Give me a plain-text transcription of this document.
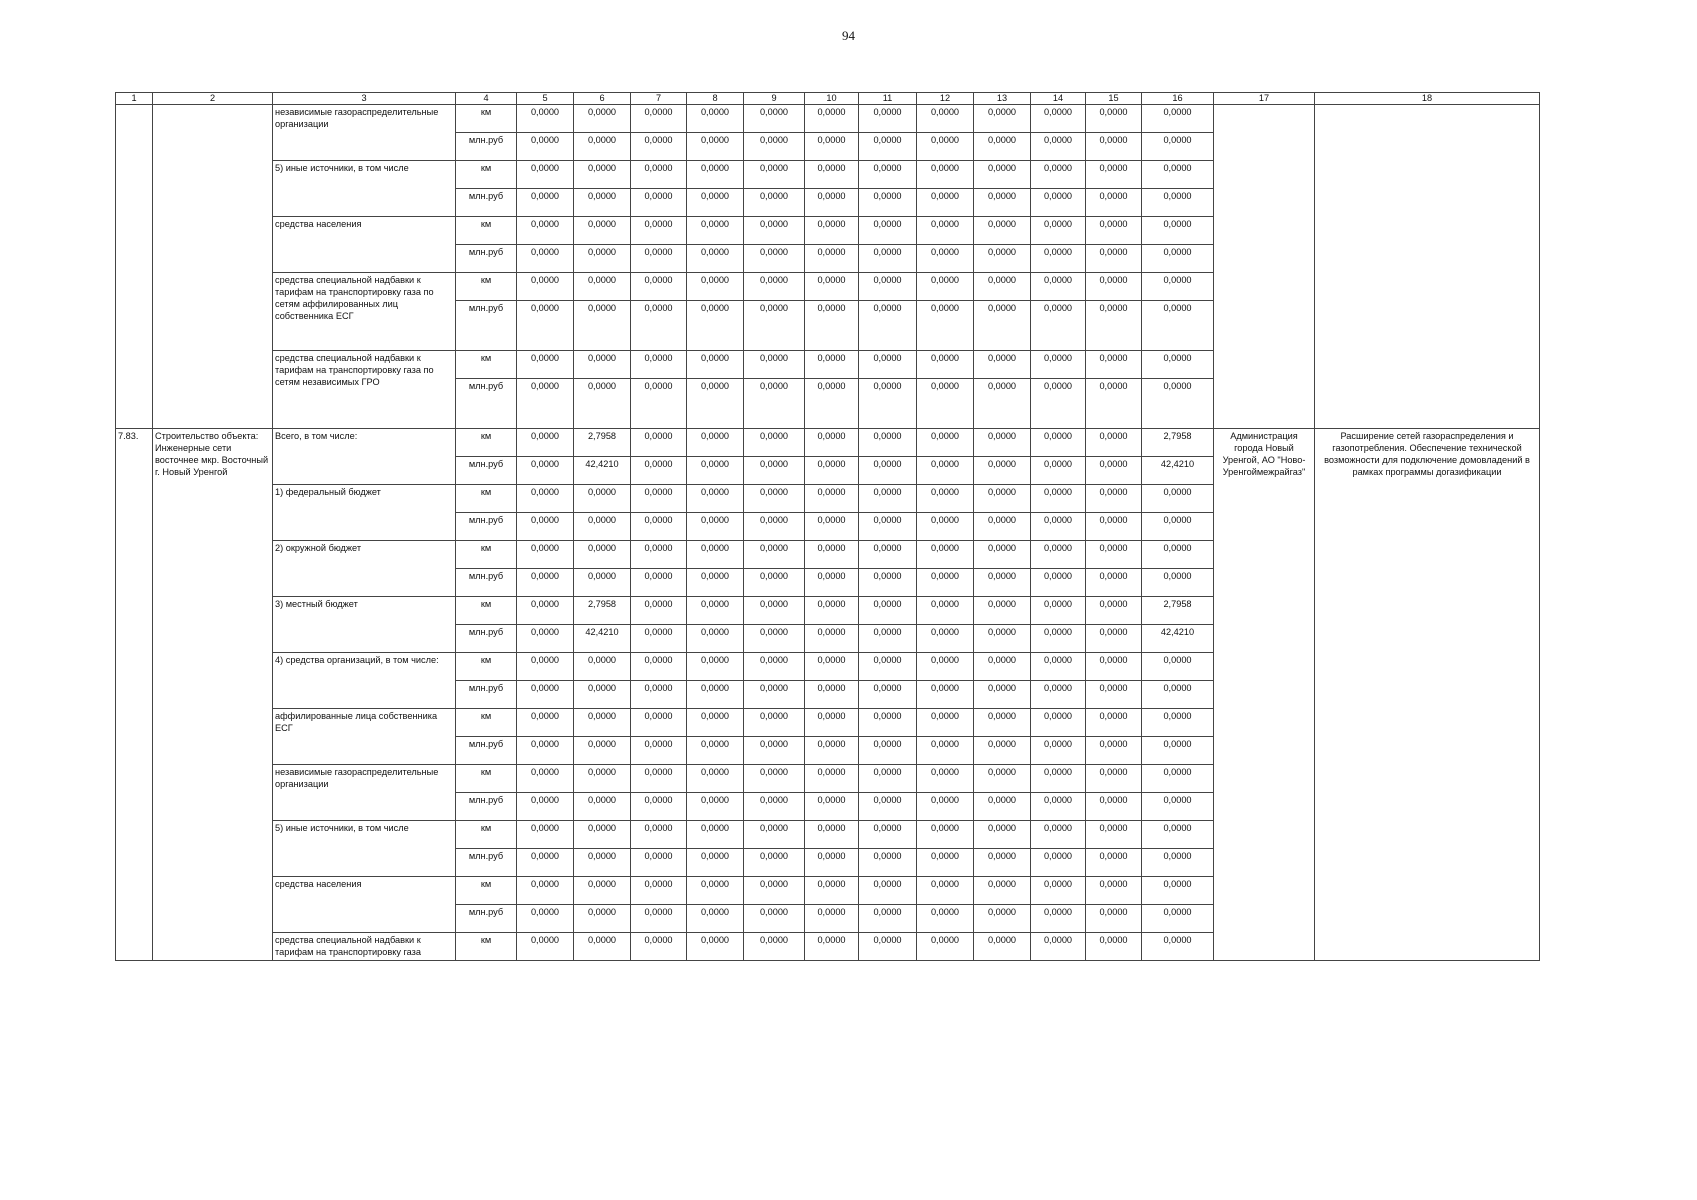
94
1	2	3	4	5	6	7	8	9	10	11	12	13	14	15	16	17	18
		независимые газораспределительные организации	км	0,0000	0,0000	0,0000	0,0000	0,0000	0,0000	0,0000	0,0000	0,0000	0,0000	0,0000	0,0000		
			млн.руб	0,0000	0,0000	0,0000	0,0000	0,0000	0,0000	0,0000	0,0000	0,0000	0,0000	0,0000	0,0000		
		5) иные источники, в том числе	км	0,0000	0,0000	0,0000	0,0000	0,0000	0,0000	0,0000	0,0000	0,0000	0,0000	0,0000	0,0000		
			млн.руб	0,0000	0,0000	0,0000	0,0000	0,0000	0,0000	0,0000	0,0000	0,0000	0,0000	0,0000	0,0000		
		средства населения	км	0,0000	0,0000	0,0000	0,0000	0,0000	0,0000	0,0000	0,0000	0,0000	0,0000	0,0000	0,0000		
			млн.руб	0,0000	0,0000	0,0000	0,0000	0,0000	0,0000	0,0000	0,0000	0,0000	0,0000	0,0000	0,0000		
		средства специальной надбавки к тарифам на транспортировку газа по сетям аффилированных лиц собственника ЕСГ	км	0,0000	0,0000	0,0000	0,0000	0,0000	0,0000	0,0000	0,0000	0,0000	0,0000	0,0000	0,0000		
			млн.руб	0,0000	0,0000	0,0000	0,0000	0,0000	0,0000	0,0000	0,0000	0,0000	0,0000	0,0000	0,0000		
		средства специальной надбавки к тарифам на транспортировку газа по сетям независимых ГРО	км	0,0000	0,0000	0,0000	0,0000	0,0000	0,0000	0,0000	0,0000	0,0000	0,0000	0,0000	0,0000		
			млн.руб	0,0000	0,0000	0,0000	0,0000	0,0000	0,0000	0,0000	0,0000	0,0000	0,0000	0,0000	0,0000		
7.83.	Строительство объекта: Инженерные сети восточнее мкр. Восточный г. Новый Уренгой	Всего, в том числе:	км	0,0000	2,7958	0,0000	0,0000	0,0000	0,0000	0,0000	0,0000	0,0000	0,0000	0,0000	2,7958	Администрация города Новый Уренгой, АО "Ново-Уренгоймежрайгаз"	Расширение сетей газораспределения и газопотребления. Обеспечение технической возможности для подключение домовладений в рамках программы догазификации
			млн.руб	0,0000	42,4210	0,0000	0,0000	0,0000	0,0000	0,0000	0,0000	0,0000	0,0000	0,0000	42,4210		
		1) федеральный бюджет	км	0,0000	0,0000	0,0000	0,0000	0,0000	0,0000	0,0000	0,0000	0,0000	0,0000	0,0000	0,0000		
			млн.руб	0,0000	0,0000	0,0000	0,0000	0,0000	0,0000	0,0000	0,0000	0,0000	0,0000	0,0000	0,0000		
		2) окружной бюджет	км	0,0000	0,0000	0,0000	0,0000	0,0000	0,0000	0,0000	0,0000	0,0000	0,0000	0,0000	0,0000		
			млн.руб	0,0000	0,0000	0,0000	0,0000	0,0000	0,0000	0,0000	0,0000	0,0000	0,0000	0,0000	0,0000		
		3) местный бюджет	км	0,0000	2,7958	0,0000	0,0000	0,0000	0,0000	0,0000	0,0000	0,0000	0,0000	0,0000	2,7958		
			млн.руб	0,0000	42,4210	0,0000	0,0000	0,0000	0,0000	0,0000	0,0000	0,0000	0,0000	0,0000	42,4210		
		4) средства организаций, в том числе:	км	0,0000	0,0000	0,0000	0,0000	0,0000	0,0000	0,0000	0,0000	0,0000	0,0000	0,0000	0,0000		
			млн.руб	0,0000	0,0000	0,0000	0,0000	0,0000	0,0000	0,0000	0,0000	0,0000	0,0000	0,0000	0,0000		
		аффилированные лица собственника ЕСГ	км	0,0000	0,0000	0,0000	0,0000	0,0000	0,0000	0,0000	0,0000	0,0000	0,0000	0,0000	0,0000		
			млн.руб	0,0000	0,0000	0,0000	0,0000	0,0000	0,0000	0,0000	0,0000	0,0000	0,0000	0,0000	0,0000		
		независимые газораспределительные организации	км	0,0000	0,0000	0,0000	0,0000	0,0000	0,0000	0,0000	0,0000	0,0000	0,0000	0,0000	0,0000		
			млн.руб	0,0000	0,0000	0,0000	0,0000	0,0000	0,0000	0,0000	0,0000	0,0000	0,0000	0,0000	0,0000		
		5) иные источники, в том числе	км	0,0000	0,0000	0,0000	0,0000	0,0000	0,0000	0,0000	0,0000	0,0000	0,0000	0,0000	0,0000		
			млн.руб	0,0000	0,0000	0,0000	0,0000	0,0000	0,0000	0,0000	0,0000	0,0000	0,0000	0,0000	0,0000		
		средства населения	км	0,0000	0,0000	0,0000	0,0000	0,0000	0,0000	0,0000	0,0000	0,0000	0,0000	0,0000	0,0000		
			млн.руб	0,0000	0,0000	0,0000	0,0000	0,0000	0,0000	0,0000	0,0000	0,0000	0,0000	0,0000	0,0000		
		средства специальной надбавки к тарифам на транспортировку газа	км	0,0000	0,0000	0,0000	0,0000	0,0000	0,0000	0,0000	0,0000	0,0000	0,0000	0,0000	0,0000		
